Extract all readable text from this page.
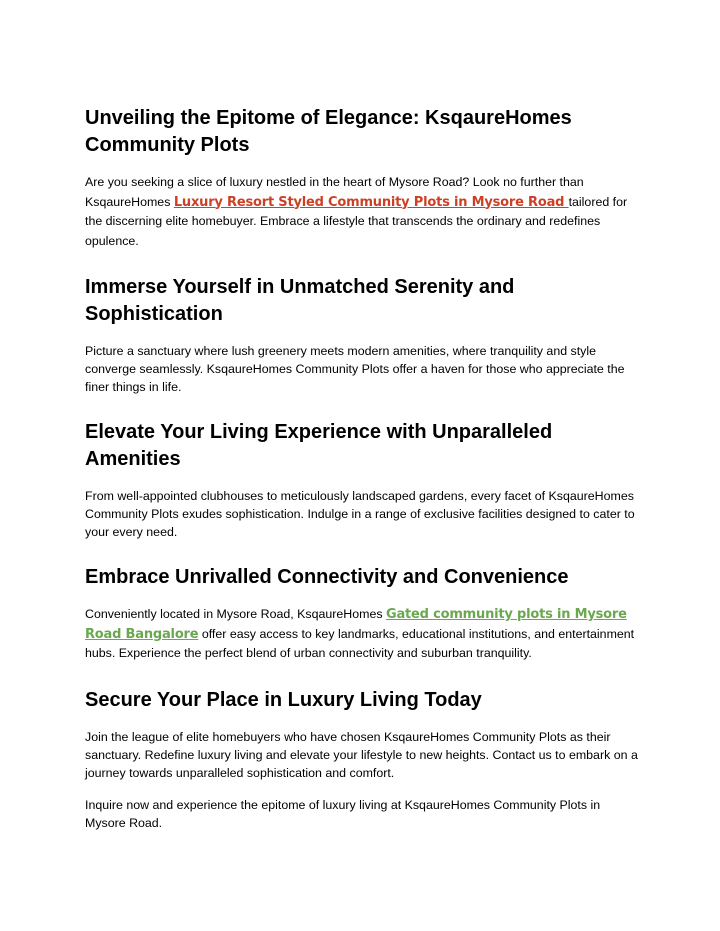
Unveiling the Epitome of Elegance: KsqaureHomes Community Plots

Are you seeking a slice of luxury nestled in the heart of Mysore Road? Look no further than KsqaureHomes Luxury Resort Styled Community Plots in Mysore Road tailored for the discerning elite homebuyer. Embrace a lifestyle that transcends the ordinary and redefines opulence.

Immerse Yourself in Unmatched Serenity and Sophistication

Picture a sanctuary where lush greenery meets modern amenities, where tranquility and style converge seamlessly. KsqaureHomes Community Plots offer a haven for those who appreciate the finer things in life.

Elevate Your Living Experience with Unparalleled Amenities

From well-appointed clubhouses to meticulously landscaped gardens, every facet of KsqaureHomes Community Plots exudes sophistication. Indulge in a range of exclusive facilities designed to cater to your every need.

Embrace Unrivalled Connectivity and Convenience

Conveniently located in Mysore Road, KsqaureHomes Gated community plots in Mysore Road Bangalore offer easy access to key landmarks, educational institutions, and entertainment hubs. Experience the perfect blend of urban connectivity and suburban tranquility.

Secure Your Place in Luxury Living Today

Join the league of elite homebuyers who have chosen KsqaureHomes Community Plots as their sanctuary. Redefine luxury living and elevate your lifestyle to new heights. Contact us to embark on a journey towards unparalleled sophistication and comfort.

Inquire now and experience the epitome of luxury living at KsqaureHomes Community Plots in Mysore Road.
